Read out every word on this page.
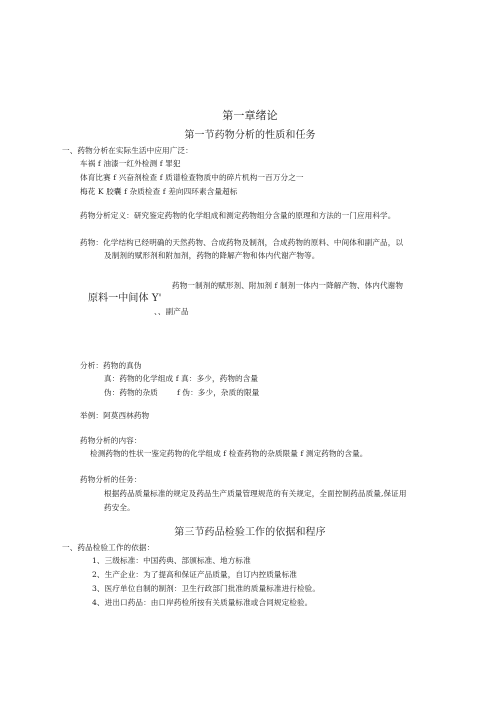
第一章绪论
第一节药物分析的性质和任务
一、药物分析在实际生活中应用广泛：
车祸 f 油漆一红外检测 f 罪犯
体育比赛 f 兴奋剂检查 f 质谱检查物质中的碎片机构一百万分之一
梅花 K 胶囊 f 杂质检查 f 差向四环素含量超标
药物分析定义：研究鉴定药物的化学组成和测定药物组分含量的原理和方法的一门应用科学。
药物：化学结构已经明确的天然药物、合成药物及制剂，合成药物的原料、中间体和副产品，以
及制剂的赋形剂和附加剂，药物的降解产物和体内代谢产物等。
药物一制剂的赋形剂、附加剂 f 制剂一体内一降解产物、体内代谢物
原料一中间体 Y'
、、副产品
分析：药物的真伪
真：药物的化学组成 f 真：多少，药物的含量
伪：药物的杂质	f 伪：多少，杂质的限量
举例：阿莫西林药物
药物分析的内容：
检测药物的性状一鉴定药物的化学组成 f 检查药物的杂质限量 f 测定药物的含量。
药物分析的任务：
根据药品质量标准的规定及药品生产质量管理规范的有关规定，全面控制药品质量,保证用
药安全。
第三节药品检验工作的依据和程序
一、药品检验工作的依据：
1、三级标准：中国药典、部颁标准、地方标准
2、生产企业：为了提高和保证产品质量，自订内控质量标准
3、医疗单位自制的制剂：卫生行政部门批准的质量标准进行检验。
4、进出口药品：由口岸药检所按有关质量标准或合同规定检验。
